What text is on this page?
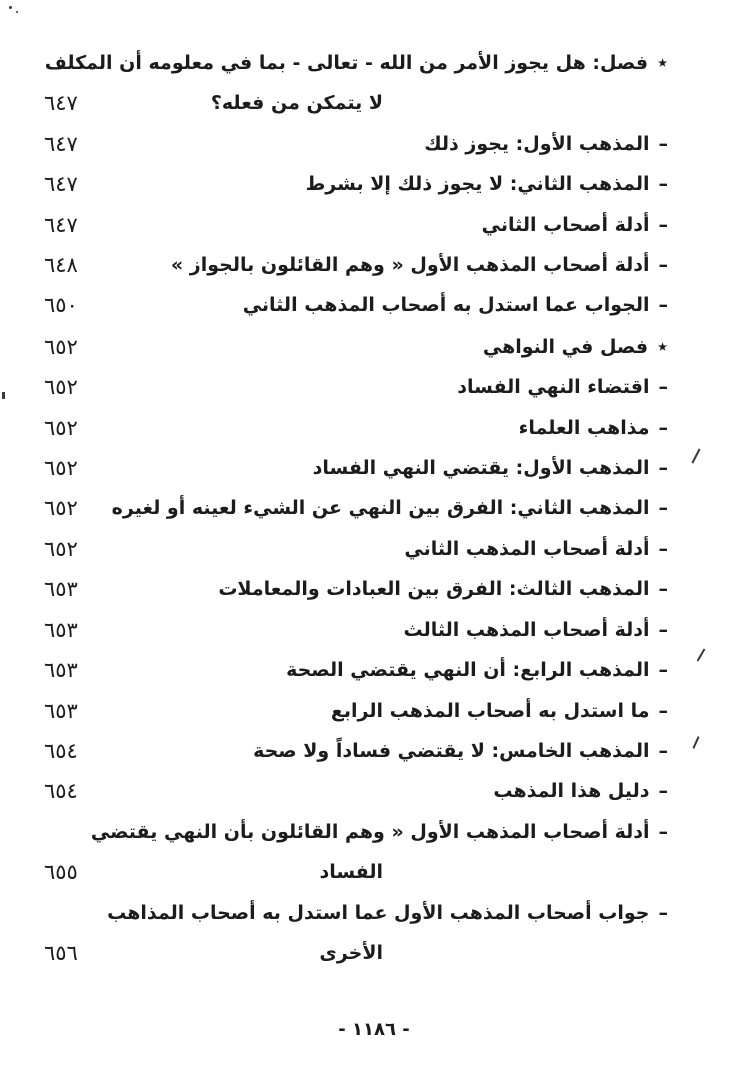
٭فصل: هل يجوز الأمر من الله - تعالى - بما في معلومه أن المكلف
لا يتمكن من فعله؟
٦٤٧
–المذهب الأول: يجوز ذلك
٦٤٧
–المذهب الثاني: لا يجوز ذلك إلا بشرط
٦٤٧
–أدلة أصحاب الثاني
٦٤٧
–أدلة أصحاب المذهب الأول « وهم القائلون بالجواز »
٦٤٨
–الجواب عما استدل به أصحاب المذهب الثاني
٦٥٠
٭فصل في النواهي
٦٥٢
–اقتضاء النهي الفساد
٦٥٢
–مذاهب العلماء
٦٥٢
–المذهب الأول: يقتضي النهي الفساد
٦٥٢
–المذهب الثاني: الفرق بين النهي عن الشيء لعينه أو لغيره
٦٥٢
–أدلة أصحاب المذهب الثاني
٦٥٢
–المذهب الثالث: الفرق بين العبادات والمعاملات
٦٥٣
–أدلة أصحاب المذهب الثالث
٦٥٣
–المذهب الرابع: أن النهي يقتضي الصحة
٦٥٣
–ما استدل به أصحاب المذهب الرابع
٦٥٣
–المذهب الخامس: لا يقتضي فساداً ولا صحة
٦٥٤
–دليل هذا المذهب
٦٥٤
–أدلة أصحاب المذهب الأول « وهم القائلون بأن النهي يقتضي
الفساد
٦٥٥
–جواب أصحاب المذهب الأول عما استدل به أصحاب المذاهب
الأخرى
٦٥٦
- ١١٨٦ -
